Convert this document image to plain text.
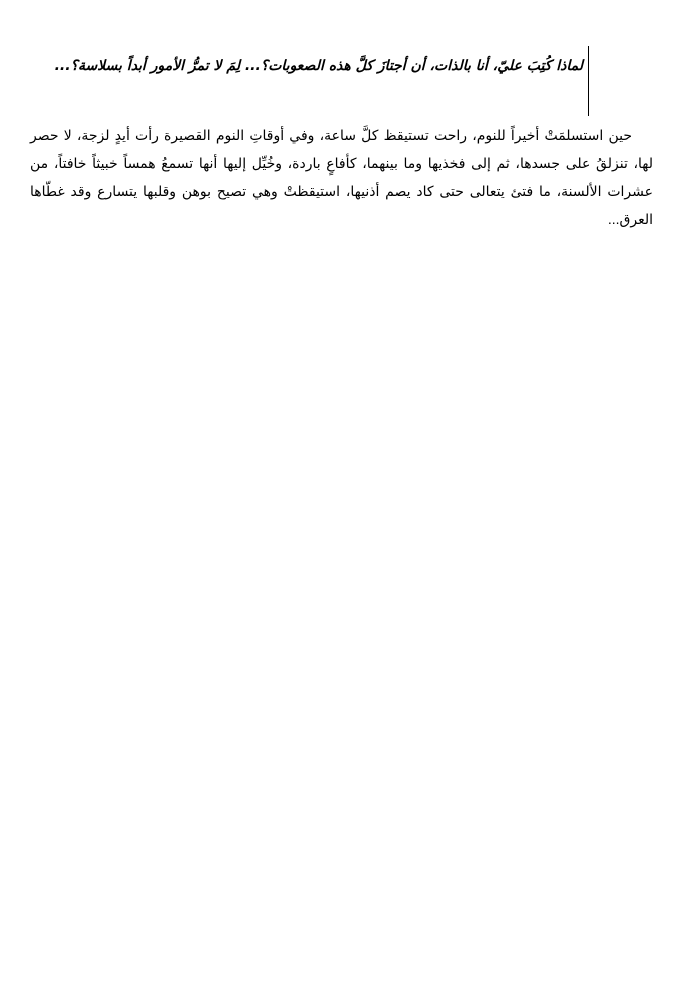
لماذا كُتِبَ عليّ، أنا بالذات، أن أجتازَ كلَّ هذه الصعوبات؟... لِمَ لا تمرُّ الأمور أبداً بسلاسة؟...

حين استسلمَتْ أخيراً للنوم، راحت تستيقظ كلَّ ساعة، وفي أوقاتِ النوم القصيرة رأت أيدٍ لزجة، لا حصر لها، تنزلقُ على جسدها، ثم إلى فخذيها وما بينهما، كأفاعٍ باردة، وخُيِّل إليها أنها تسمعُ همساً خبيثاً خافتاً، من عشرات الألسنة، ما فتئ يتعالى حتى كاد يصم أذنيها، استيقظتْ وهي تصيح بوهن وقلبها يتسارع وقد غطّاها العرق...
